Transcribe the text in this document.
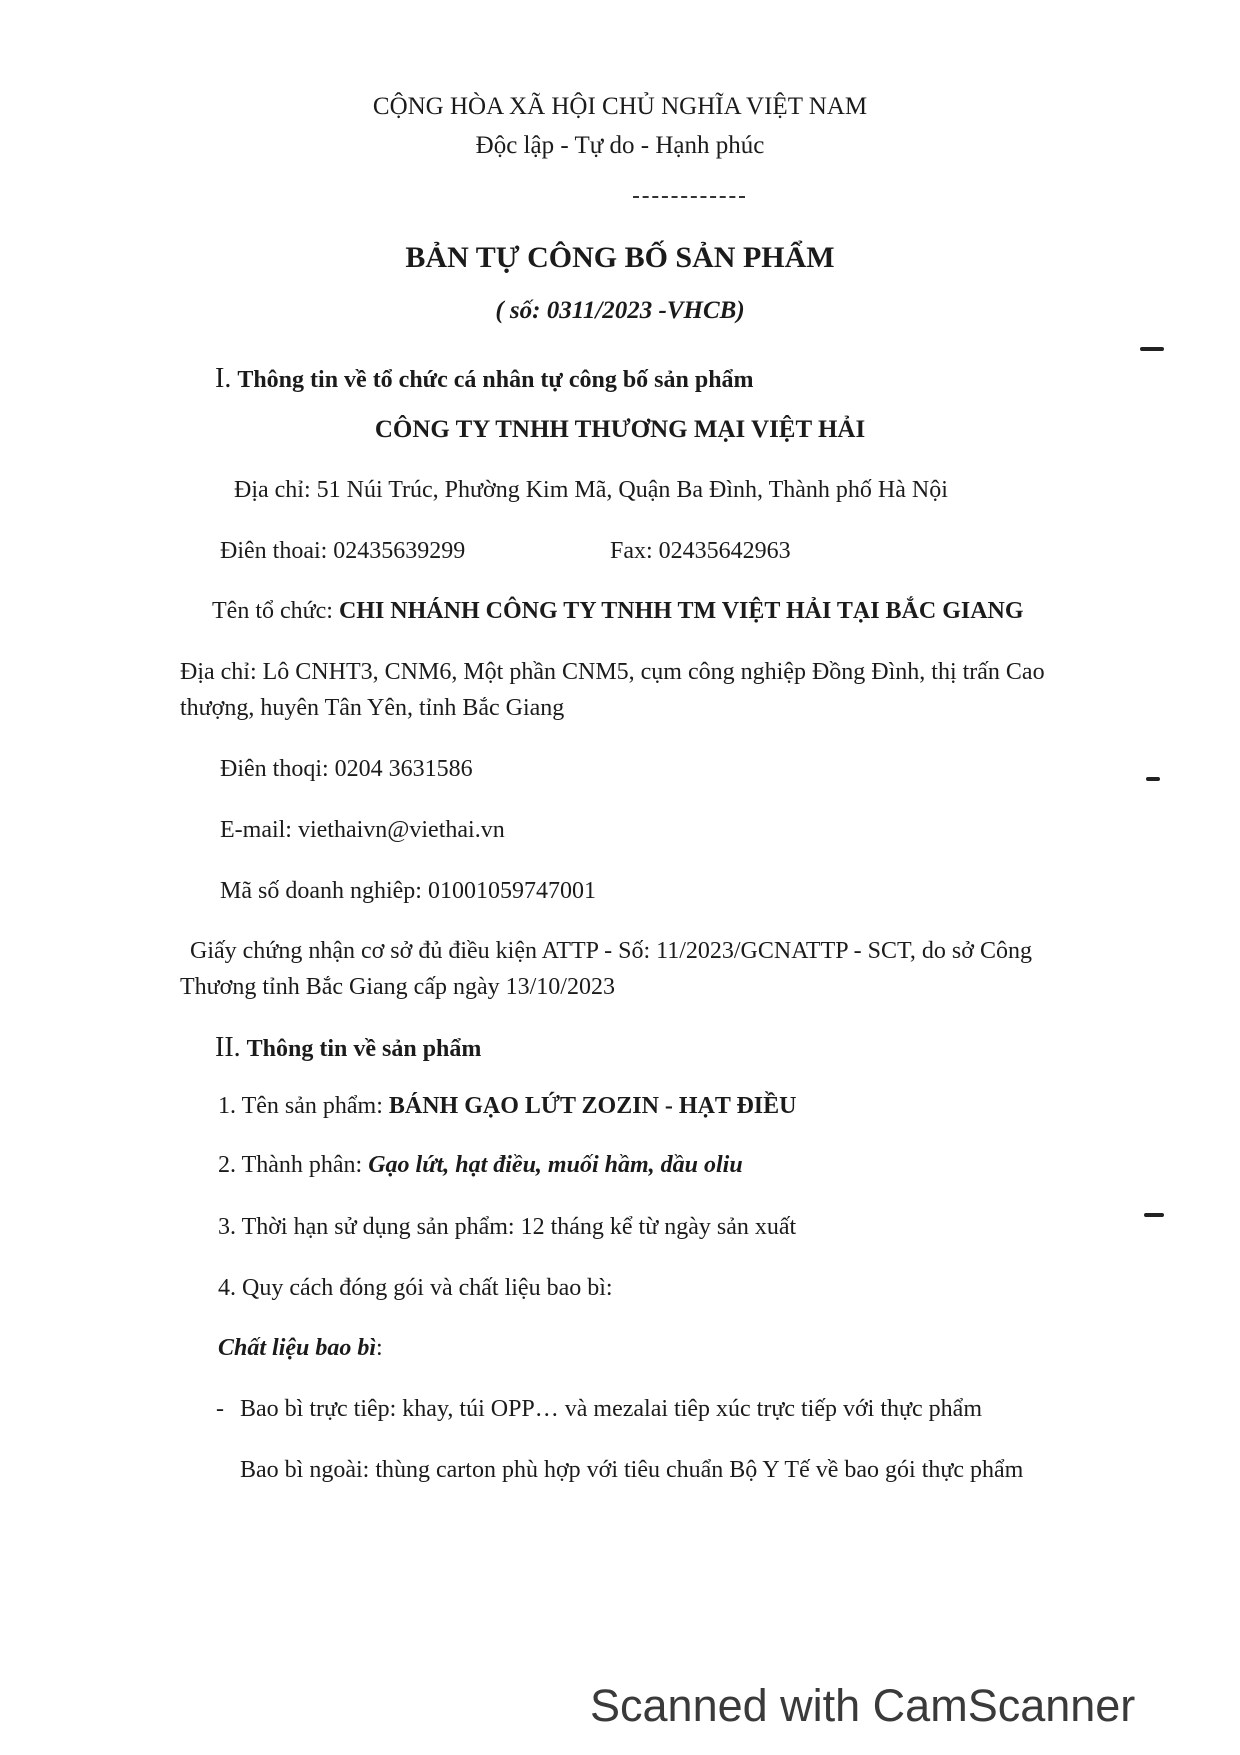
CỘNG HÒA XÃ HỘI CHỦ NGHĨA VIỆT NAM
Độc lập - Tự do - Hạnh phúc
BẢN TỰ CÔNG BỐ SẢN PHẨM
( số: 0311/2023 -VHCB)
I. Thông tin về tổ chức cá nhân tự công bố sản phẩm
CÔNG TY TNHH THƯƠNG MẠI VIỆT HẢI
Địa chỉ: 51 Núi Trúc, Phường Kim Mã, Quận Ba Đình, Thành phố Hà Nội
Điên thoai: 02435639299	Fax: 02435642963
Tên tổ chức: CHI NHÁNH CÔNG TY TNHH TM VIỆT HẢI TẠI BẮC GIANG
Địa chỉ: Lô CNHT3, CNM6, Một phần CNM5, cụm công nghiệp Đồng Đình, thị trấn Cao
thượng, huyên Tân Yên, tỉnh Bắc Giang
Điên thoqi: 0204 3631586
E-mail: viethaivn@viethai.vn
Mã số doanh nghiêp: 01001059747001
Giấy chứng nhận cơ sở đủ điều kiện ATTP - Số: 11/2023/GCNATTP - SCT, do sở Công
Thương tỉnh Bắc Giang cấp ngày 13/10/2023
II. Thông tin về sản phẩm
1. Tên sản phẩm: BÁNH GẠO LỨT ZOZIN - HẠT ĐIỀU
2. Thành phân: Gạo lứt, hạt điều, muối hầm, dầu oliu
3. Thời hạn sử dụng sản phẩm: 12 tháng kể từ ngày sản xuất
4. Quy cách đóng gói và chất liệu bao bì:
Chất liệu bao bì:
- Bao bì trực tiêp: khay, túi OPP… và mezalai tiêp xúc trực tiếp với thực phẩm
Bao bì ngoài: thùng carton phù hợp với tiêu chuẩn Bộ Y Tế về bao gói thực phẩm
Scanned with CamScanner
